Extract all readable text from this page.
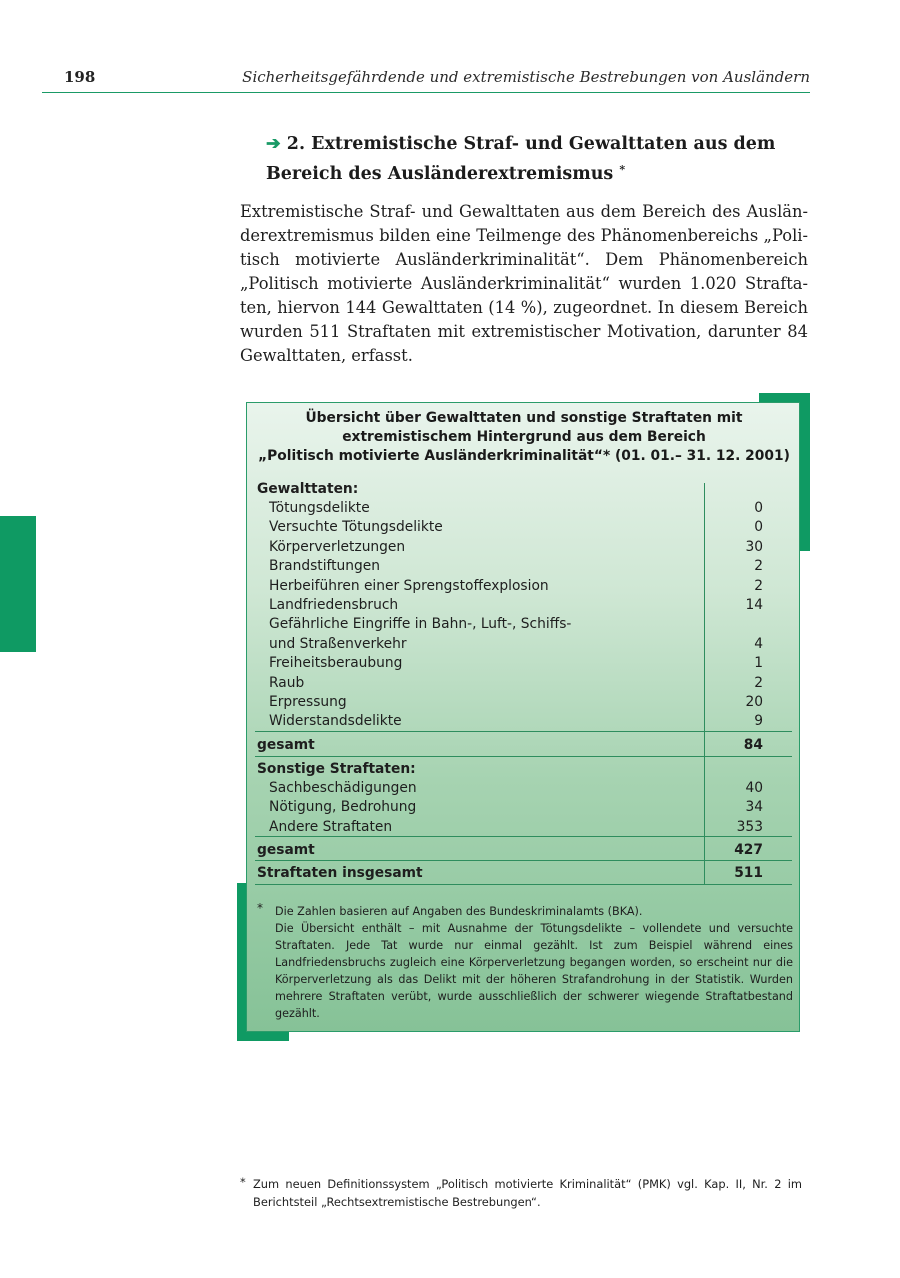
198	Sicherheitsgefährdende und extremistische Bestrebungen von Ausländern
➔ 2. Extremistische Straf- und Gewalttaten aus dem
Bereich des Ausländerextremismus *

Extremistische Straf- und Gewalttaten aus dem Bereich des Auslän-
derextremismus bilden eine Teilmenge des Phänomenbereichs „Poli-
tisch motivierte Ausländerkriminalität“. Dem Phänomenbereich
„Politisch motivierte Ausländerkriminalität“ wurden 1.020 Strafta-
ten, hiervon 144 Gewalttaten (14 %), zugeordnet. In diesem Bereich
wurden 511 Straftaten mit extremistischer Motivation, darunter 84
Gewalttaten, erfasst.

Übersicht über Gewalttaten und sonstige Straftaten mit
extremistischem Hintergrund aus dem Bereich
„Politisch motivierte Ausländerkriminalität“* (01. 01.– 31. 12. 2001)
Gewalttaten:
Tötungsdelikte	0
Versuchte Tötungsdelikte	0
Körperverletzungen	30
Brandstiftungen	2
Herbeiführen einer Sprengstoffexplosion	2
Landfriedensbruch	14
Gefährliche Eingriffe in Bahn-, Luft-, Schiffs-
und Straßenverkehr	4
Freiheitsberaubung	1
Raub	2
Erpressung	20
Widerstandsdelikte	9
gesamt	84
Sonstige Straftaten:
Sachbeschädigungen	40
Nötigung, Bedrohung	34
Andere Straftaten	353
gesamt	427
Straftaten insgesamt	511
* Die Zahlen basieren auf Angaben des Bundeskriminalamts (BKA).

Die Übersicht enthält – mit Ausnahme der Tötungsdelikte – vollendete und versuchte Straftaten. Jede Tat wurde nur einmal gezählt. Ist zum Beispiel während eines Landfriedensbruchs zugleich eine Körperverletzung begangen worden, so erscheint nur die Körperverletzung als das Delikt mit der höheren Strafandrohung in der Statistik. Wurden mehrere Straftaten verübt, wurde ausschließlich der schwerer wiegende Straftatbestand gezählt.

* Zum neuen Definitionssystem „Politisch motivierte Kriminalität“ (PMK) vgl. Kap. II, Nr. 2 im Berichtsteil „Rechtsextremistische Bestrebungen“.
